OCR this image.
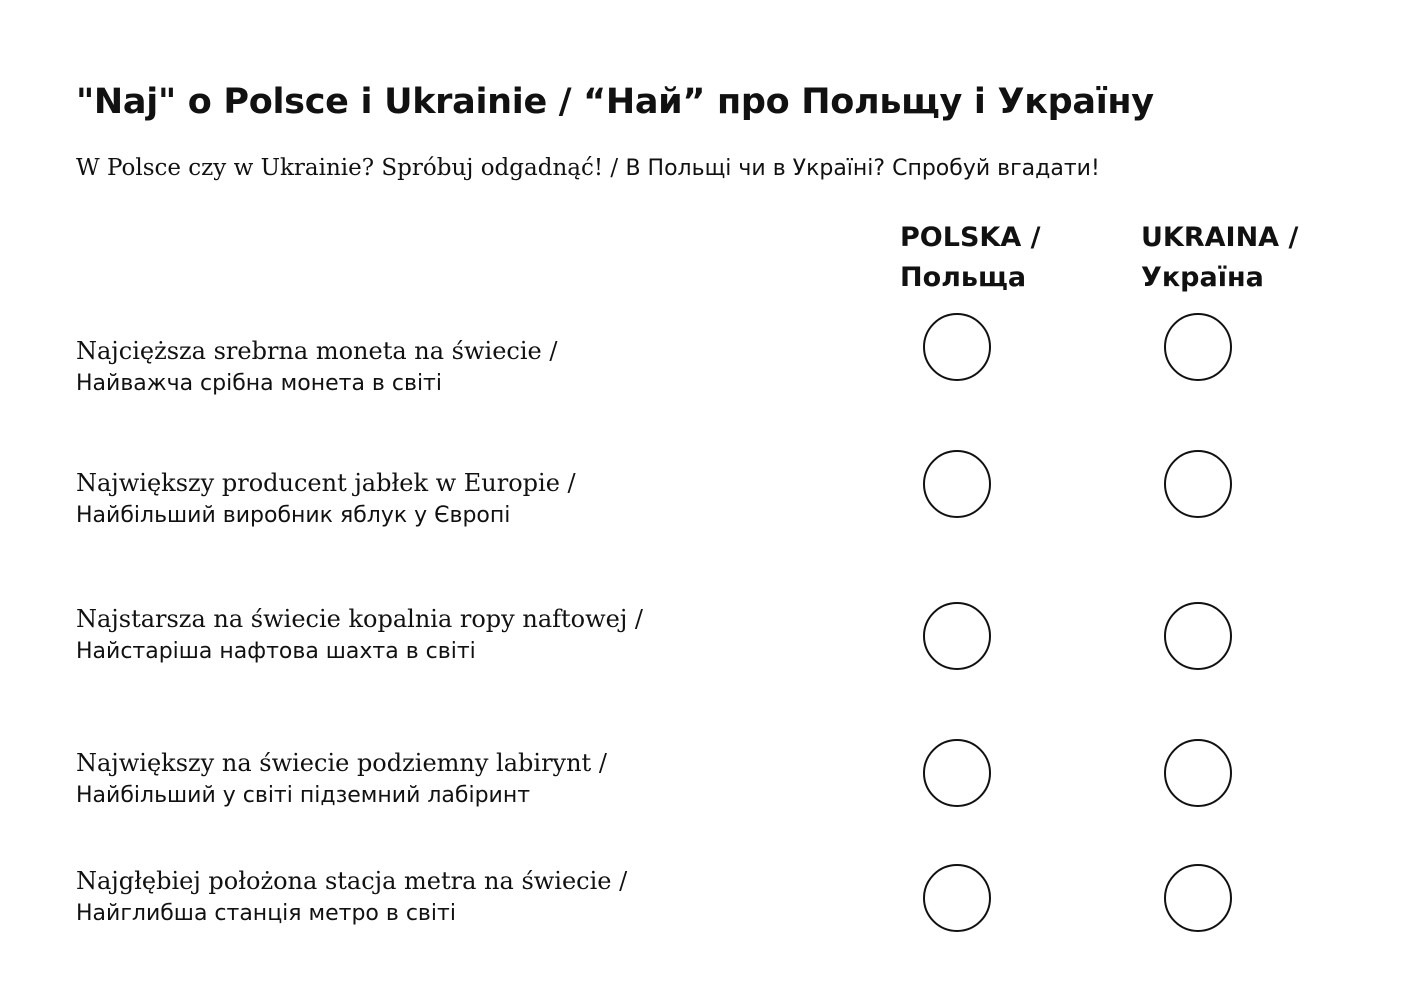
"Naj" o Polsce i Ukrainie / “Най” про Польщу і Україну
W Polsce czy w Ukrainie? Spróbuj odgadnąć! / В Польщі чи в Україні? Спробуй вгадати!
POLSKA /
Польща
UKRAINA /
Україна
Najcięższa srebrna moneta na świecie /
Найважча срібна монета в світі
Największy producent jabłek w Europie /
Найбільший виробник яблук у Європі
Najstarsza na świecie kopalnia ropy naftowej /
Найстаріша нафтова шахта в світі
Największy na świecie podziemny labirynt /
Найбільший у світі підземний лабіринт
Najgłębiej położona stacja metra na świecie /
Найглибша станція метро в світі
